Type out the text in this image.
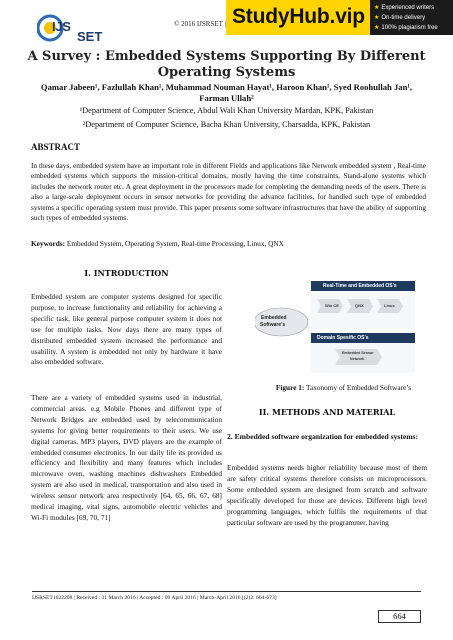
IJS
SET
© 2016 IJSRSET | StudyHub.vip	★ Experienced writers
★ On-time delivery
★ 100% plagiarism free
A Survey : Embedded Systems Supporting By Different
Operating Systems
Qamar Jabeen¹, Fazlullah Khan¹, Muhammad Nouman Hayat¹, Haroon Khan¹, Syed Roohullah Jan¹,
Farman Ullah²
¹Department of Computer Science, Abdul Wali Khan University Mardan, KPK, Pakistan
²Department of Computer Science, Bacha Khan University, Charsadda, KPK, Pakistan
ABSTRACT
In these days, embedded system have an important role in different Fields and applications like Network embedded system , Real-time embedded systems which supports the mission-critical domains, mostly having the time constraints, Stand-alone systems which includes the network router etc. A great deployment in the processors made for completing the demanding needs of the users. There is also a large-scale deployment occurs in sensor networks for providing the advance facilities, for handled such type of embedded systems a specific operating system must provide. This paper presents some software infrastructures that have the ability of supporting such types of embedded systems.
Keywords: Embedded System, Operating System, Real-time Processing, Linux, QNX
I. INTRODUCTION
Embedded system are computer systems designed for specific purpose, to increase functionality and reliability for achieving a specific task, like general purpose computer system it does not use for multiple tasks. Now days there are many types of distributed embedded system increased the performance and usability. A system is embedded not only by hardware it have also embedded software.
There are a variety of embedded systems used in industrial, commercial areas. e.g Mobile Phones and different type of Network Bridges are embedded used by telecommunication systems for giving better requirements to their users. We use digital cameras, MP3 players, DVD players are the example of embedded consumer electronics. In our daily life its provided us efficiency and flexibility and many features which includes microwave oven, washing machines dishwashers Embedded system are also used in medical, transportation and also used in wireless sensor network area respectively [64, 65, 66, 67, 68] medical imaging, vital signs, automobile electric vehicles and Wi-Fi modules [69, 70, 71]
Embedded
Software’s
Real-Time and Embedded OS’s
Win CE	QNX	Linux
Domain Spesific OS’s
Embedded Sensor
Network
Figure 1: Taxonomy of Embedded Software’s
II. METHODS AND MATERIAL
2. Embedded software organization for embedded systems:
Embedded systems needs higher reliability because most of them are safety critical systems therefore consists on microprocessors. Some embedded system are designed from scratch and software specifically developed for those are devices. Different high level programming languages, which fulfils the requirements of that particular software are used by the programmer, having
IJSRSET1622208 | Received : 31 March 2016 | Accepted : 09 April 2016 | March-April 2016 [(2)2: 664-673]
664
